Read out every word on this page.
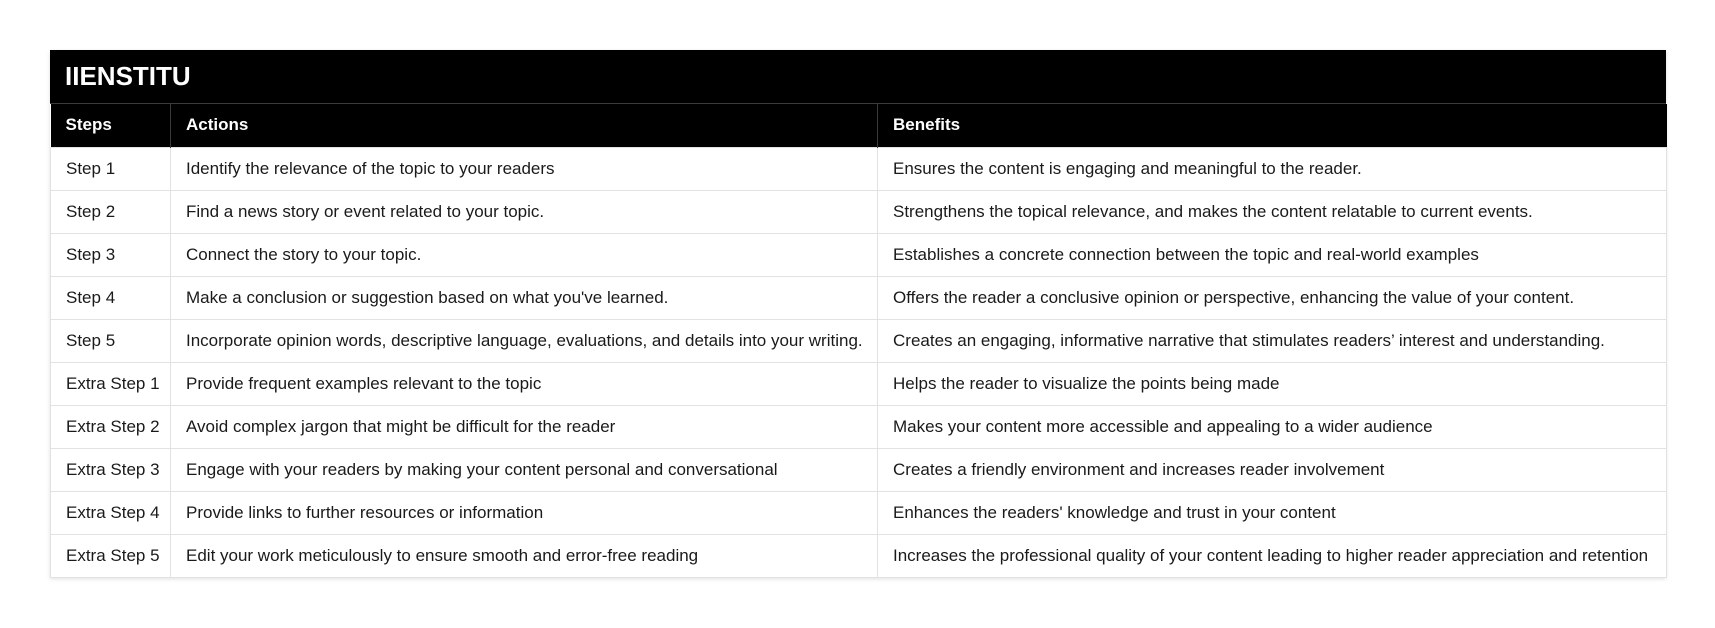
IIENSTITU
Steps	Actions	Benefits
Step 1	Identify the relevance of the topic to your readers	Ensures the content is engaging and meaningful to the reader.
Step 2	Find a news story or event related to your topic.	Strengthens the topical relevance, and makes the content relatable to current events.
Step 3	Connect the story to your topic.	Establishes a concrete connection between the topic and real-world examples
Step 4	Make a conclusion or suggestion based on what you've learned.	Offers the reader a conclusive opinion or perspective, enhancing the value of your content.
Step 5	Incorporate opinion words, descriptive language, evaluations, and details into your writing.	Creates an engaging, informative narrative that stimulates readers’ interest and understanding.
Extra Step 1	Provide frequent examples relevant to the topic	Helps the reader to visualize the points being made
Extra Step 2	Avoid complex jargon that might be difficult for the reader	Makes your content more accessible and appealing to a wider audience
Extra Step 3	Engage with your readers by making your content personal and conversational	Creates a friendly environment and increases reader involvement
Extra Step 4	Provide links to further resources or information	Enhances the readers' knowledge and trust in your content
Extra Step 5	Edit your work meticulously to ensure smooth and error-free reading	Increases the professional quality of your content leading to higher reader appreciation and retention
